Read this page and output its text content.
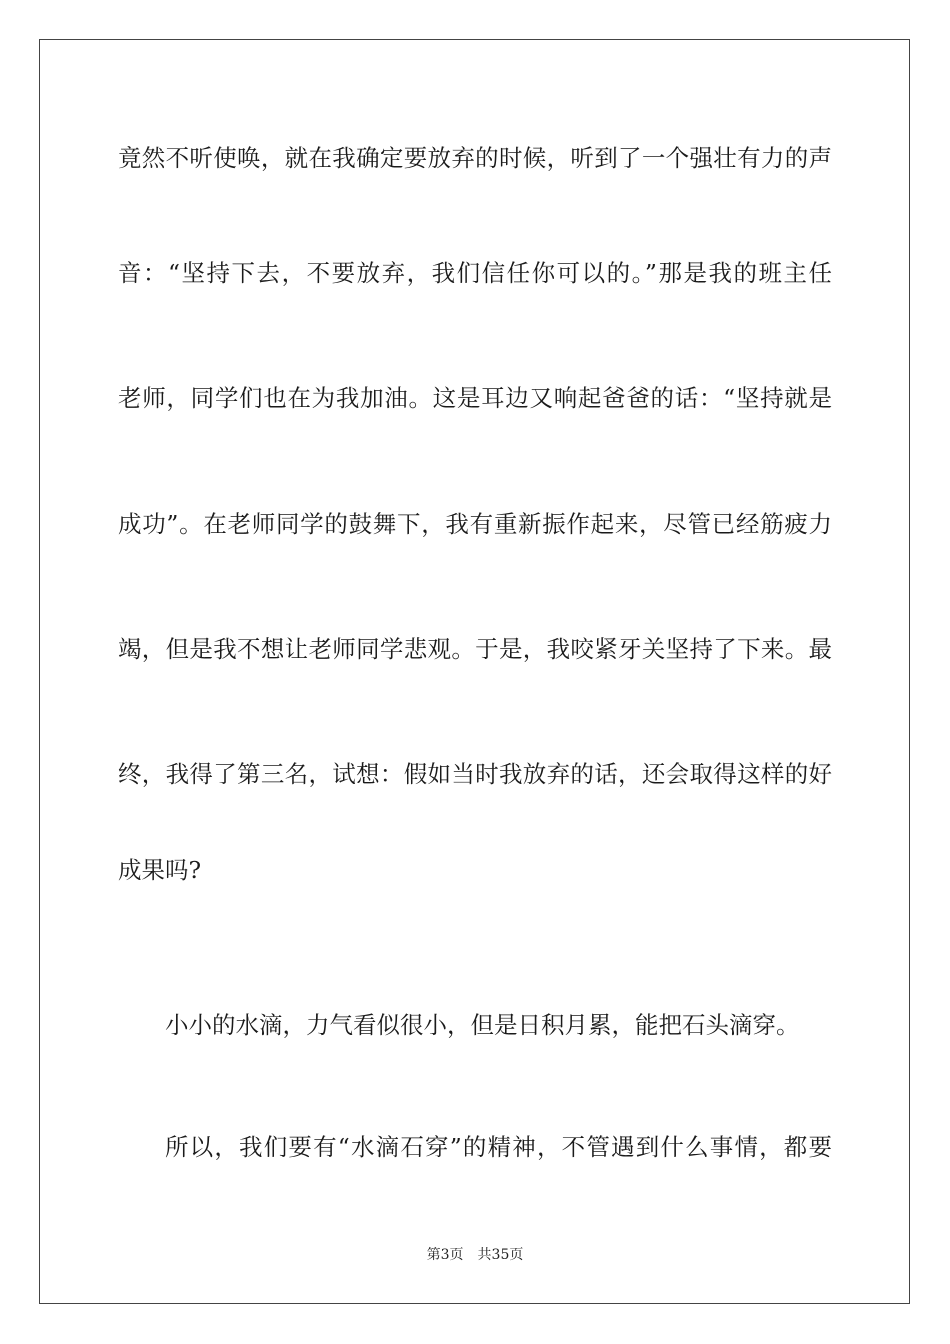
竟然不听使唤，就在我确定要放弃的时候，听到了一个强壮有力的声
音：“坚持下去，不要放弃，我们信任你可以的。”那是我的班主任
老师，同学们也在为我加油。这是耳边又响起爸爸的话：“坚持就是
成功”。在老师同学的鼓舞下，我有重新振作起来，尽管已经筋疲力
竭，但是我不想让老师同学悲观。于是，我咬紧牙关坚持了下来。最
终，我得了第三名，试想：假如当时我放弃的话，还会取得这样的好
成果吗?
小小的水滴，力气看似很小，但是日积月累，能把石头滴穿。
所以，我们要有“水滴石穿”的精神，不管遇到什么事情，都要
第3页 共35页
